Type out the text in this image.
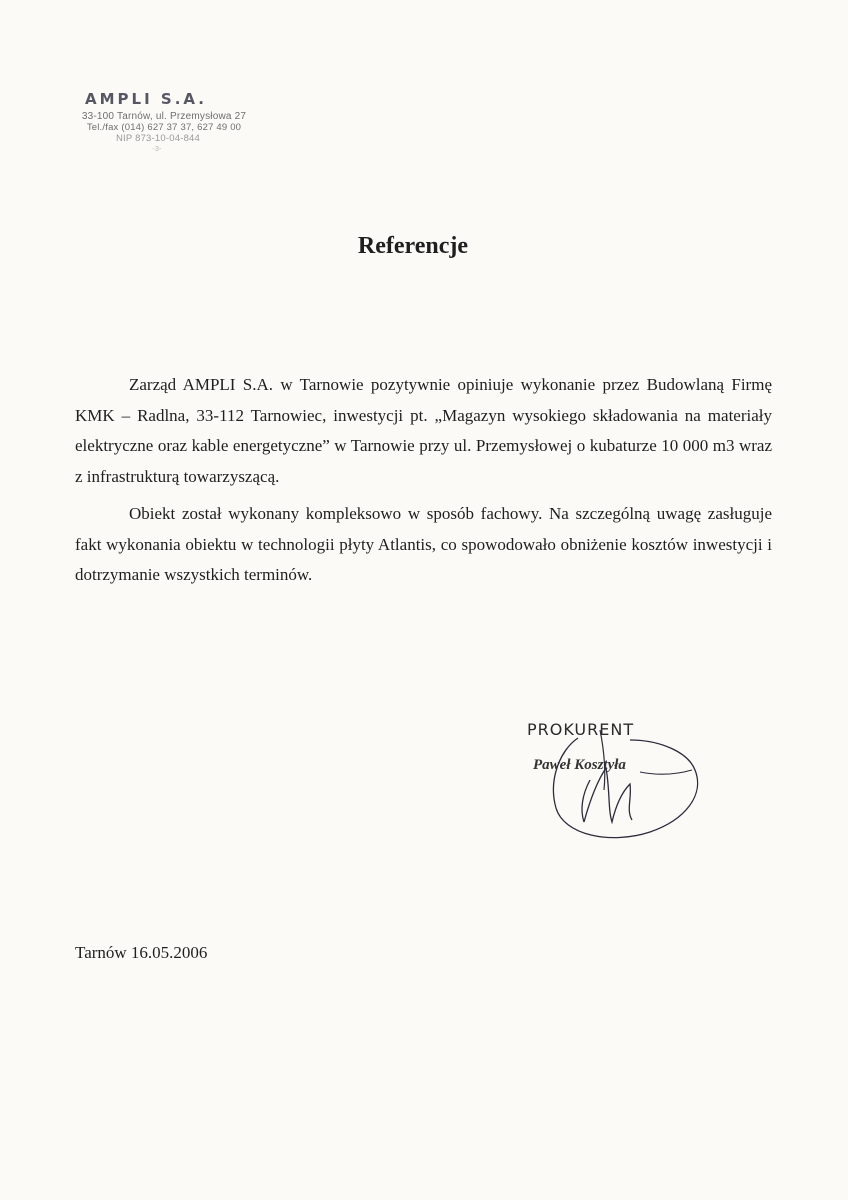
AMPLI S.A.
33-100 Tarnów, ul. Przemysłowa 27
Tel./fax (014) 627 37 37, 627 49 00
NIP 873-10-04-844
-3-
Referencje

Zarząd AMPLI S.A. w Tarnowie pozytywnie opiniuje wykonanie przez Budowlaną Firmę KMK – Radlna, 33-112 Tarnowiec, inwestycji pt. „Magazyn wysokiego składowania na materiały elektryczne oraz kable energetyczne” w Tarnowie przy ul. Przemysłowej o kubaturze 10 000 m3 wraz z infrastrukturą towarzyszącą.

Obiekt został wykonany kompleksowo w sposób fachowy. Na szczególną uwagę zasługuje fakt wykonania obiektu w technologii płyty Atlantis, co spowodowało obniżenie kosztów inwestycji i dotrzymanie wszystkich terminów.

PROKURENT
Paweł Kosztyła
Tarnów 16.05.2006
